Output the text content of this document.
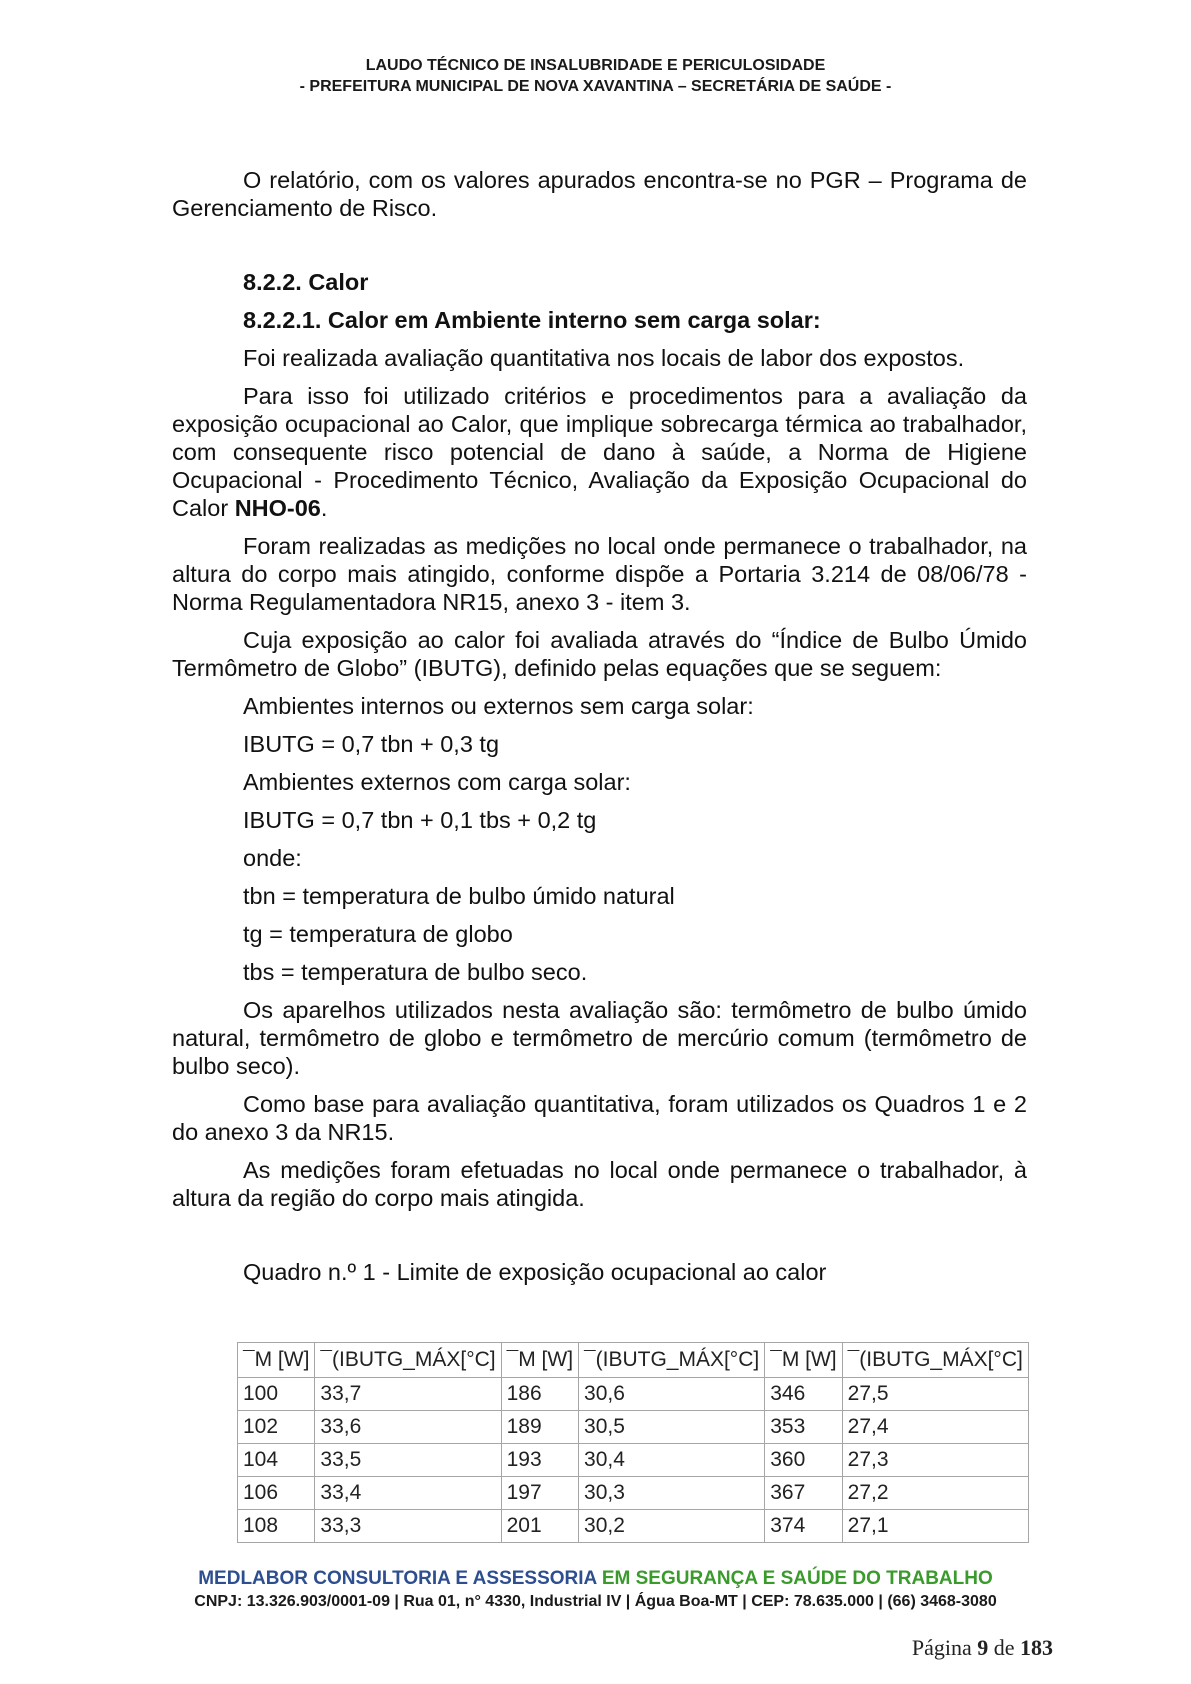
LAUDO TÉCNICO DE INSALUBRIDADE E PERICULOSIDADE
- PREFEITURA MUNICIPAL DE NOVA XAVANTINA – SECRETÁRIA DE SAÚDE -

O relatório, com os valores apurados encontra-se no PGR – Programa de Gerenciamento de Risco.

8.2.2. Calor

8.2.2.1. Calor em Ambiente interno sem carga solar:

Foi realizada avaliação quantitativa nos locais de labor dos expostos.

Para isso foi utilizado critérios e procedimentos para a avaliação da exposição ocupacional ao Calor, que implique sobrecarga térmica ao trabalhador, com consequente risco potencial de dano à saúde, a Norma de Higiene Ocupacional - Procedimento Técnico, Avaliação da Exposição Ocupacional do Calor NHO-06.

Foram realizadas as medições no local onde permanece o trabalhador, na altura do corpo mais atingido, conforme dispõe a Portaria 3.214 de 08/06/78 - Norma Regulamentadora NR15, anexo 3 - item 3.

Cuja exposição ao calor foi avaliada através do “Índice de Bulbo Úmido Termômetro de Globo” (IBUTG), definido pelas equações que se seguem:

Ambientes internos ou externos sem carga solar:

IBUTG = 0,7 tbn + 0,3 tg

Ambientes externos com carga solar:

IBUTG = 0,7 tbn + 0,1 tbs + 0,2 tg

onde:

tbn = temperatura de bulbo úmido natural

tg = temperatura de globo

tbs = temperatura de bulbo seco.

Os aparelhos utilizados nesta avaliação são: termômetro de bulbo úmido natural, termômetro de globo e termômetro de mercúrio comum (termômetro de bulbo seco).

Como base para avaliação quantitativa, foram utilizados os Quadros 1 e 2 do anexo 3 da NR15.

As medições foram efetuadas no local onde permanece o trabalhador, à altura da região do corpo mais atingida.

Quadro n.º 1 - Limite de exposição ocupacional ao calor

¯M [W]	¯(IBUTG_MÁX[°C]	¯M [W]	¯(IBUTG_MÁX[°C]	¯M [W]	¯(IBUTG_MÁX[°C]
100	33,7	186	30,6	346	27,5
102	33,6	189	30,5	353	27,4
104	33,5	193	30,4	360	27,3
106	33,4	197	30,3	367	27,2
108	33,3	201	30,2	374	27,1
MEDLABOR CONSULTORIA E ASSESSORIA EM SEGURANÇA E SAÚDE DO TRABALHO
CNPJ: 13.326.903/0001-09 | Rua 01, n° 4330, Industrial IV | Água Boa-MT | CEP: 78.635.000 | (66) 3468-3080
Página 9 de 183
